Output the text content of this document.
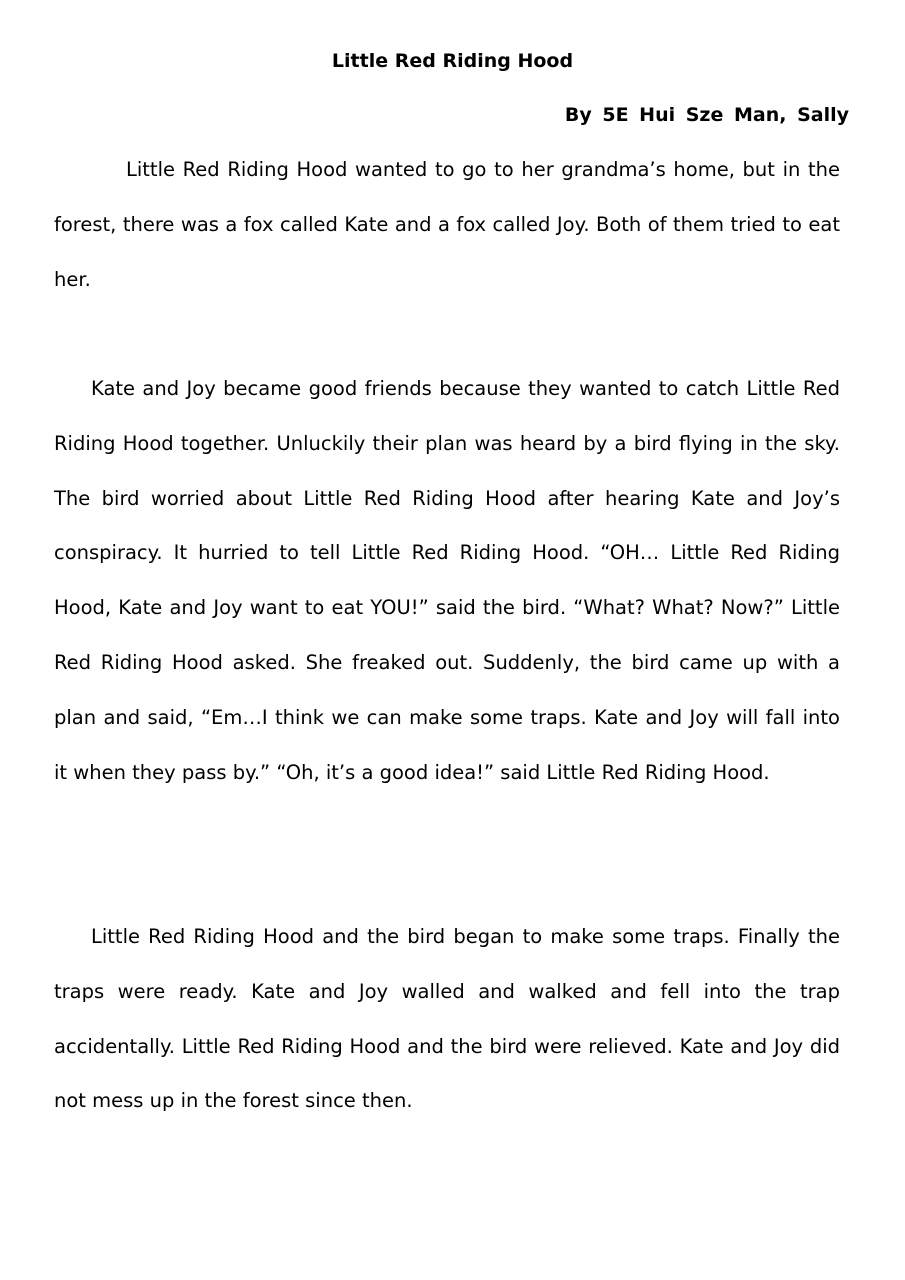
Little Red Riding Hood
By 5E Hui Sze Man, Sally

Little Red Riding Hood wanted to go to her grandma’s home, but in the forest, there was a fox called Kate and a fox called Joy. Both of them tried to eat her.

Kate and Joy became good friends because they wanted to catch Little Red Riding Hood together. Unluckily their plan was heard by a bird flying in the sky. The bird worried about Little Red Riding Hood after hearing Kate and Joy’s conspiracy. It hurried to tell Little Red Riding Hood. “OH… Little Red Riding Hood, Kate and Joy want to eat YOU!” said the bird. “What? What? Now?” Little Red Riding Hood asked. She freaked out. Suddenly, the bird came up with a plan and said, “Em…I think we can make some traps. Kate and Joy will fall into it when they pass by.” “Oh, it’s a good idea!” said Little Red Riding Hood.

Little Red Riding Hood and the bird began to make some traps. Finally the traps were ready. Kate and Joy walled and walked and fell into the trap accidentally. Little Red Riding Hood and the bird were relieved. Kate and Joy did not mess up in the forest since then.
